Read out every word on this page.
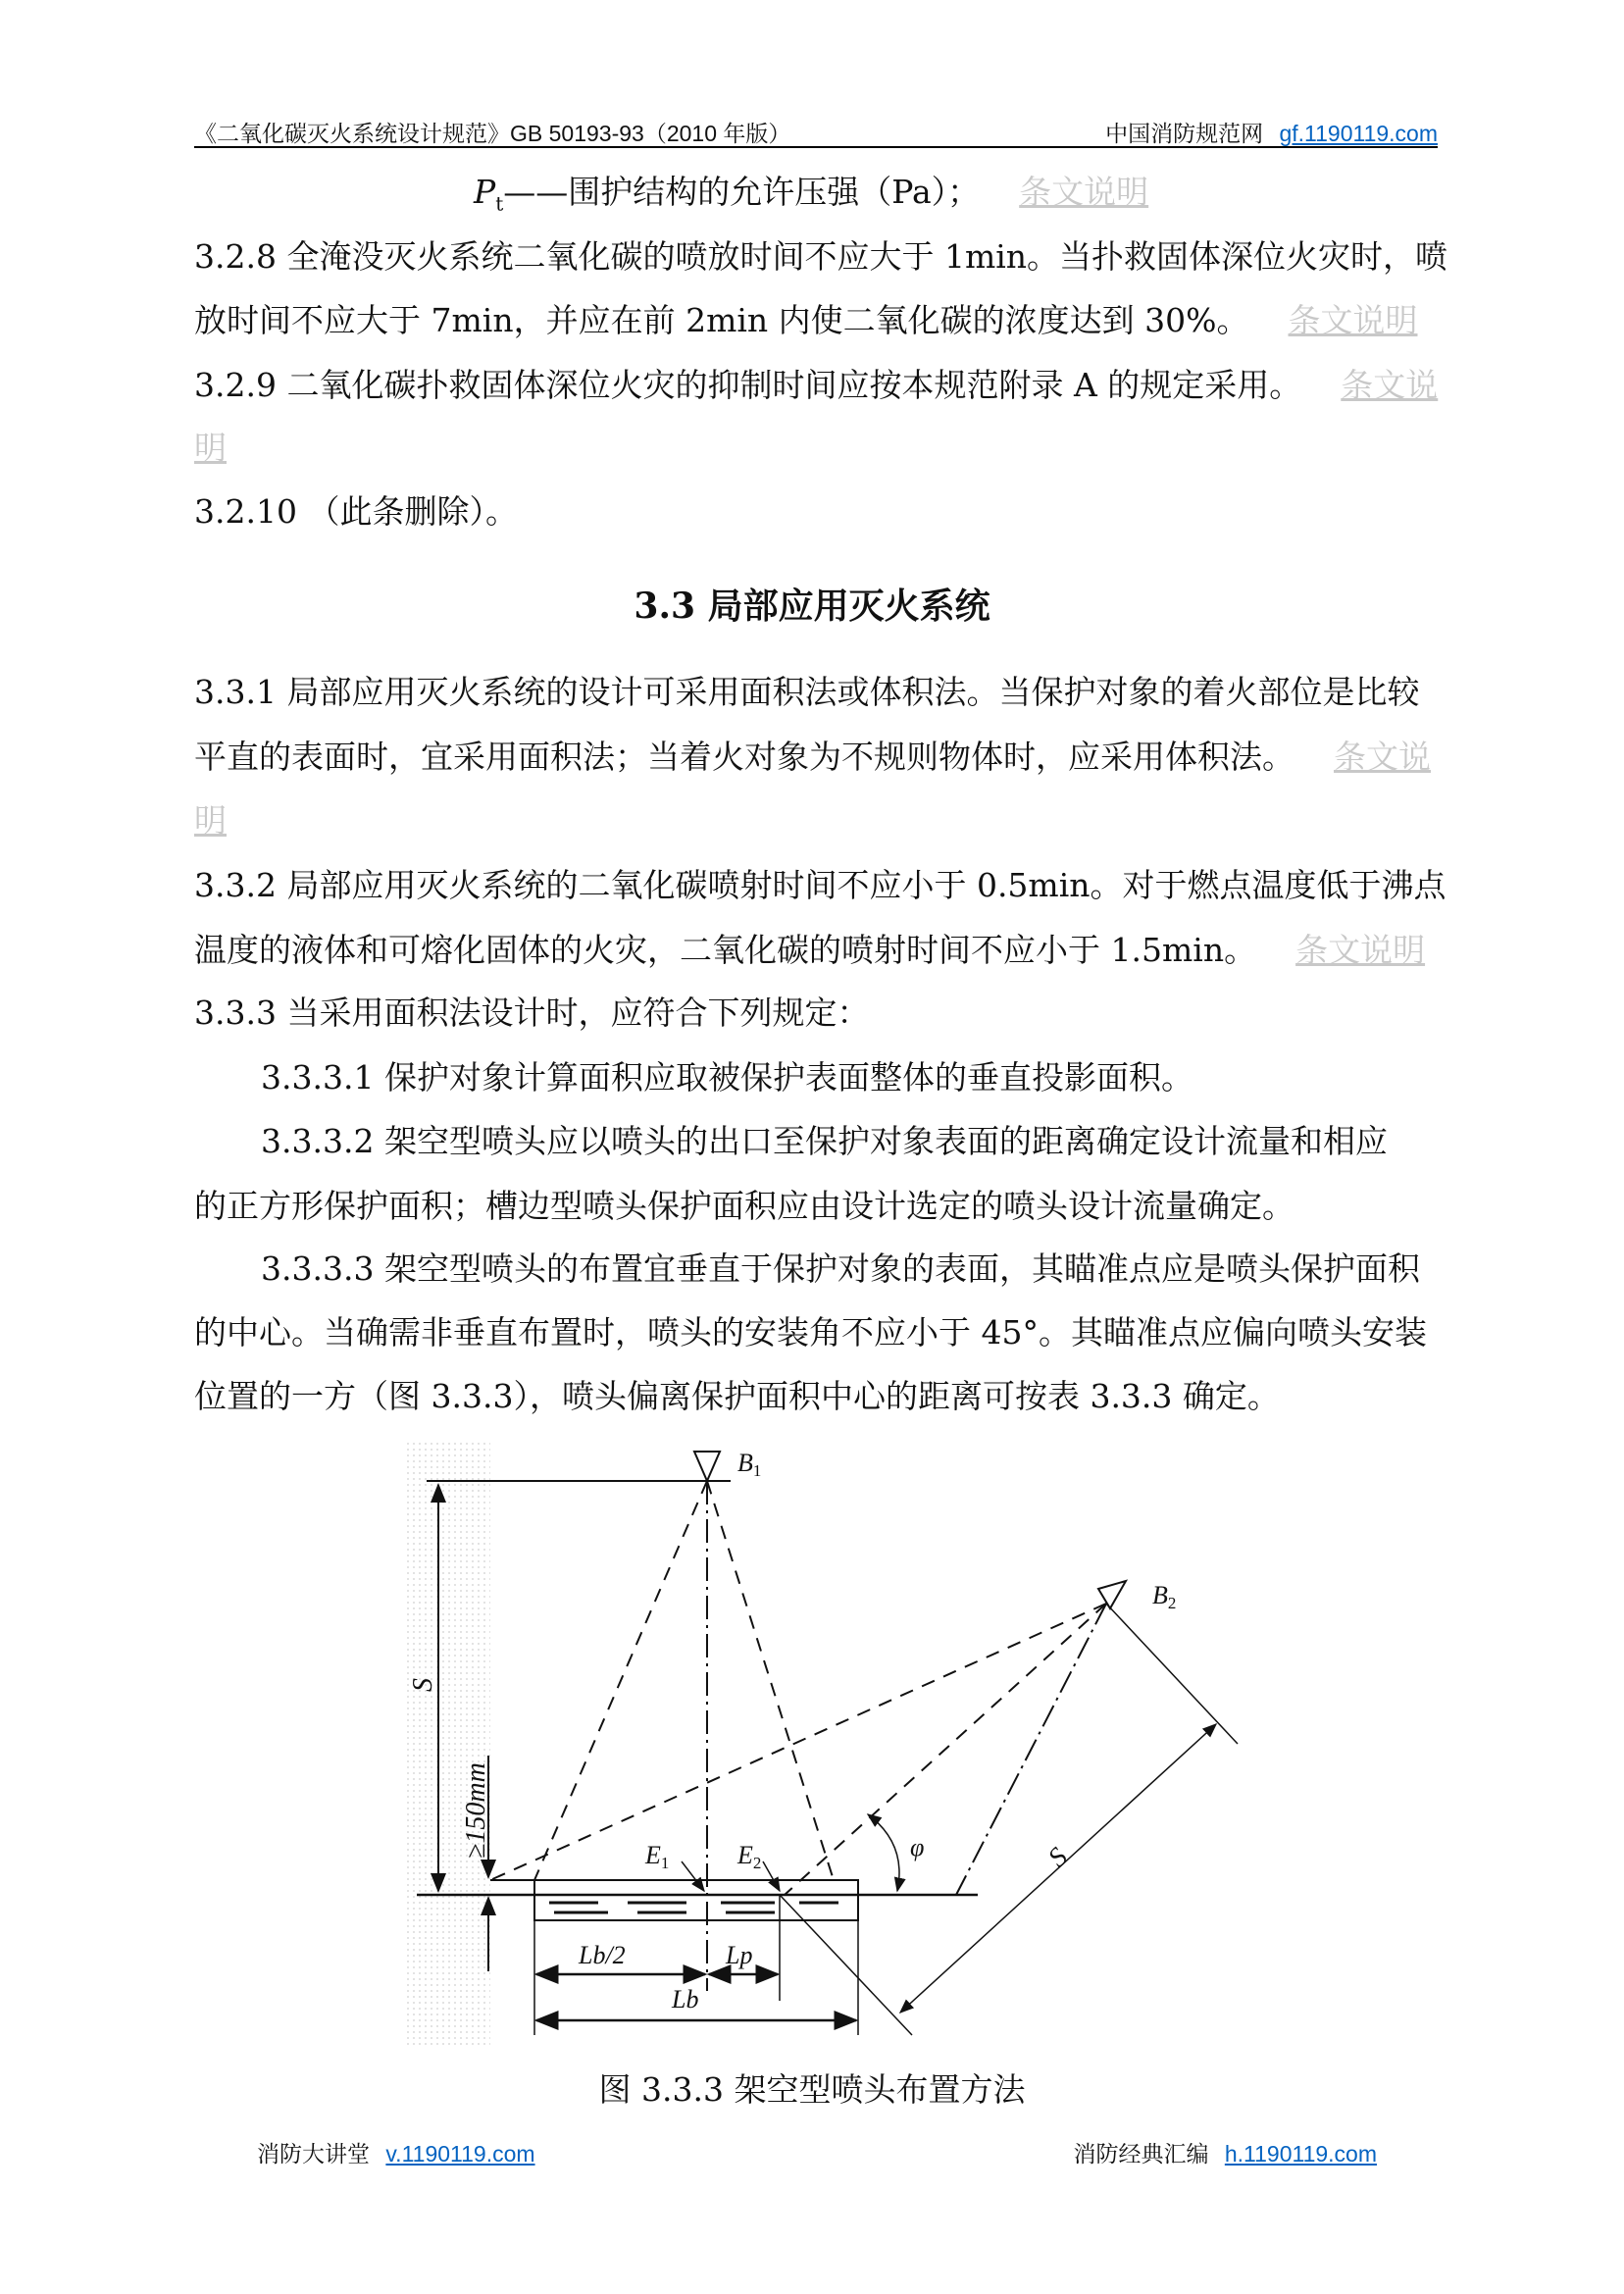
《二氧化碳灭火系统设计规范》GB 50193-93（2010 年版）	中国消防规范网 gf.1190119.com
$P_t——$围护结构的允许压强（Pa）； 条文说明
3.2.8 全淹没灭火系统二氧化碳的喷放时间不应大于 1min。当扑救固体深位火灾时，喷
放时间不应大于 7min，并应在前 2min 内使二氧化碳的浓度达到 30%。 条文说明
3.2.9 二氧化碳扑救固体深位火灾的抑制时间应按本规范附录 A 的规定采用。 条文说
明
3.2.10 （此条删除）。
3.3 局部应用灭火系统
3.3.1 局部应用灭火系统的设计可采用面积法或体积法。当保护对象的着火部位是比较
平直的表面时，宜采用面积法；当着火对象为不规则物体时，应采用体积法。 条文说
明
3.3.2 局部应用灭火系统的二氧化碳喷射时间不应小于 0.5min。对于燃点温度低于沸点
温度的液体和可熔化固体的火灾，二氧化碳的喷射时间不应小于 1.5min。 条文说明
3.3.3 当采用面积法设计时，应符合下列规定：
3.3.3.1 保护对象计算面积应取被保护表面整体的垂直投影面积。
3.3.3.2 架空型喷头应以喷头的出口至保护对象表面的距离确定设计流量和相应
的正方形保护面积；槽边型喷头保护面积应由设计选定的喷头设计流量确定。
3.3.3.3 架空型喷头的布置宜垂直于保护对象的表面，其瞄准点应是喷头保护面积
的中心。当确需非垂直布置时，喷头的安装角不应小于 45°。其瞄准点应偏向喷头安装
位置的一方（图 3.3.3），喷头偏离保护面积中心的距离可按表 3.3.3 确定。
B1
B2
S
S
≥150mm	E1	E2
φ
Lb/2	Lp
Lb
图 3.3.3 架空型喷头布置方法
消防大讲堂 v.1190119.com	消防经典汇编 h.1190119.com
